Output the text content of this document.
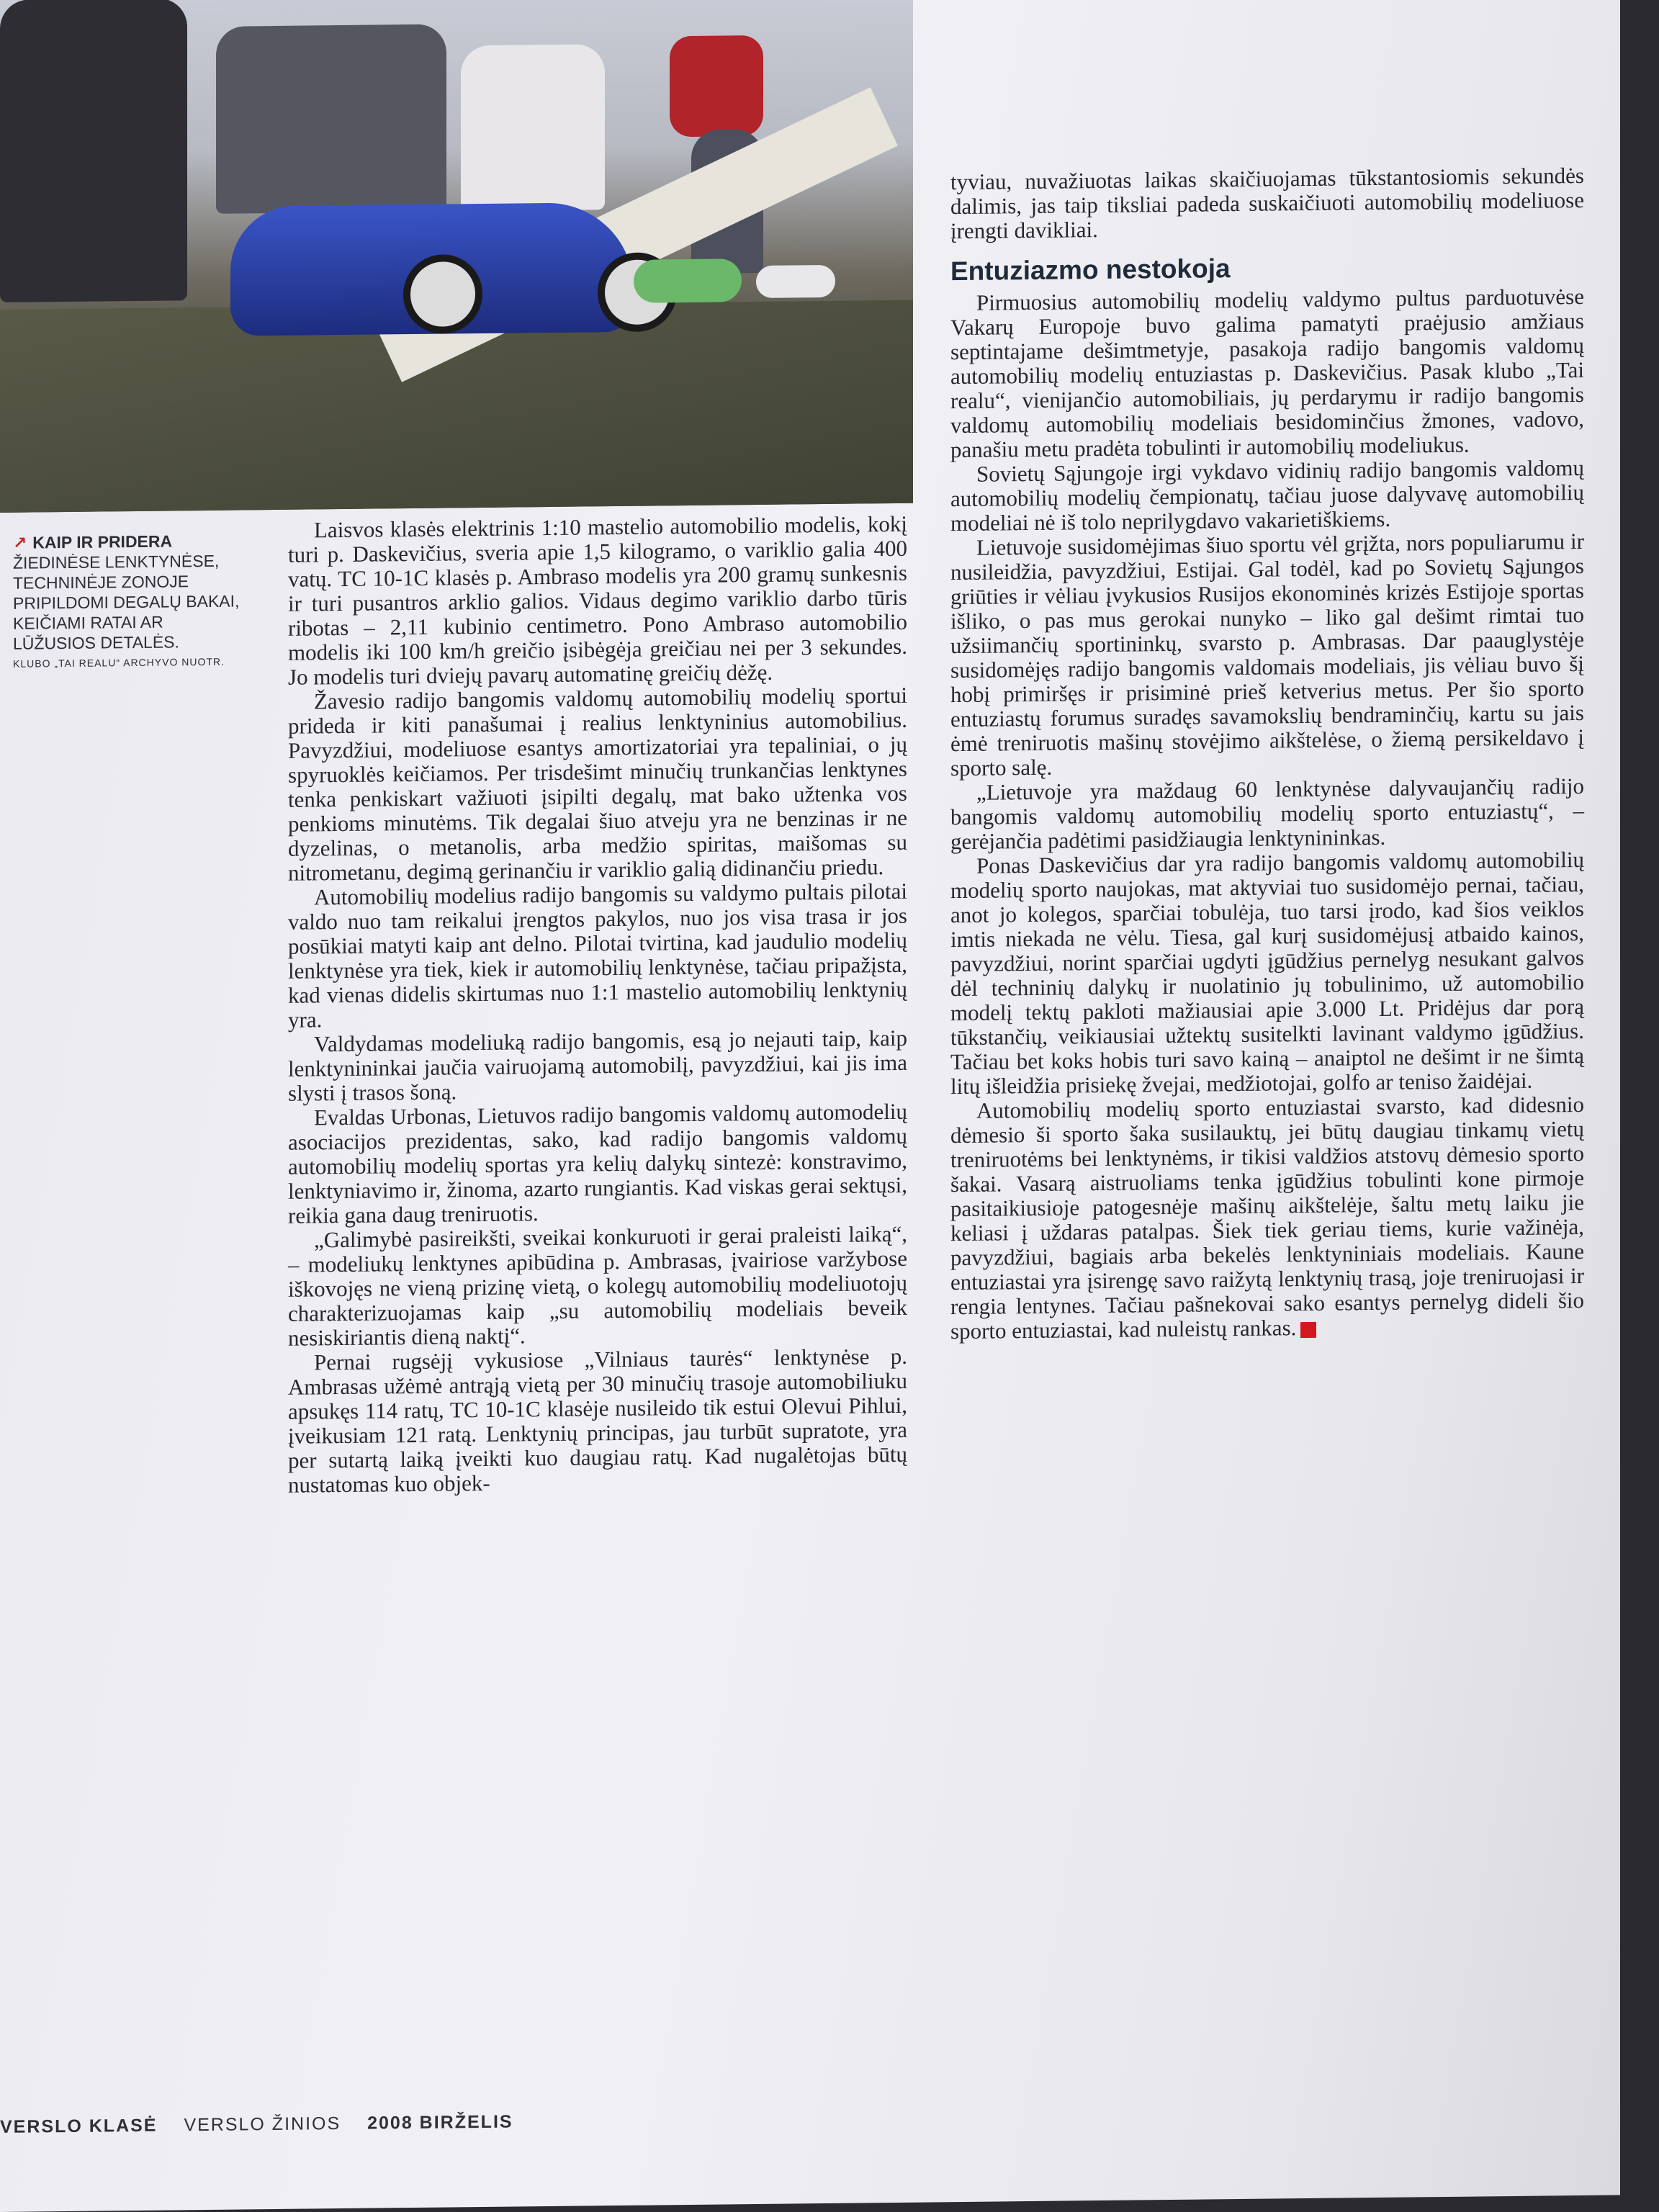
↗ KAIP IR PRIDERA
ŽIEDINĖSE LENKTYNĖSE, TECHNINĖJE ZONOJE PRIPILDOMI DEGALŲ BAKAI, KEIČIAMI RATAI AR LŪŽUSIOS DETALĖS.
KLUBO „TAI REALU“ ARCHYVO NUOTR.

Laisvos klasės elektrinis 1:10 mastelio automobilio modelis, kokį turi p. Daskevičius, sveria apie 1,5 kilogramo, o variklio galia 400 vatų. TC 10-1C klasės p. Ambraso modelis yra 200 gramų sunkesnis ir turi pusantros arklio galios. Vidaus degimo variklio darbo tūris ribotas – 2,11 kubinio centimetro. Pono Ambraso automobilio modelis iki 100 km/h greičio įsibėgėja greičiau nei per 3 sekundes. Jo modelis turi dviejų pavarų automatinę greičių dėžę.

Žavesio radijo bangomis valdomų automobilių modelių sportui prideda ir kiti panašumai į realius lenktyninius automobilius. Pavyzdžiui, modeliuose esantys amortizatoriai yra tepaliniai, o jų spyruoklės keičiamos. Per trisdešimt minučių trunkančias lenktynes tenka penkiskart važiuoti įsipilti degalų, mat bako užtenka vos penkioms minutėms. Tik degalai šiuo atveju yra ne benzinas ir ne dyzelinas, o metanolis, arba medžio spiritas, maišomas su nitrometanu, degimą gerinančiu ir variklio galią didinančiu priedu.

Automobilių modelius radijo bangomis su valdymo pultais pilotai valdo nuo tam reikalui įrengtos pakylos, nuo jos visa trasa ir jos posūkiai matyti kaip ant delno. Pilotai tvirtina, kad jaudulio modelių lenktynėse yra tiek, kiek ir automobilių lenktynėse, tačiau pripažįsta, kad vienas didelis skirtumas nuo 1:1 mastelio automobilių lenktynių yra.

Valdydamas modeliuką radijo bangomis, esą jo nejauti taip, kaip lenktynininkai jaučia vairuojamą automobilį, pavyzdžiui, kai jis ima slysti į trasos šoną.

Evaldas Urbonas, Lietuvos radijo bangomis valdomų automodelių asociacijos prezidentas, sako, kad radijo bangomis valdomų automobilių modelių sportas yra kelių dalykų sintezė: konstravimo, lenktyniavimo ir, žinoma, azarto rungiantis. Kad viskas gerai sektųsi, reikia gana daug treniruotis.

„Galimybė pasireikšti, sveikai konkuruoti ir gerai praleisti laiką“, – modeliukų lenktynes apibūdina p. Ambrasas, įvairiose varžybose iškovojęs ne vieną prizinę vietą, o kolegų automobilių modeliuotojų charakterizuojamas kaip „su automobilių modeliais beveik nesiskiriantis dieną naktį“.

Pernai rugsėjį vykusiose „Vilniaus taurės“ lenktynėse p. Ambrasas užėmė antrąją vietą per 30 minučių trasoje automobiliuku apsukęs 114 ratų, TC 10-1C klasėje nusileido tik estui Olevui Pihlui, įveikusiam 121 ratą. Lenktynių principas, jau turbūt supratote, yra per sutartą laiką įveikti kuo daugiau ratų. Kad nugalėtojas būtų nustatomas kuo objek-

tyviau, nuvažiuotas laikas skaičiuojamas tūkstantosiomis sekundės dalimis, jas taip tiksliai padeda suskaičiuoti automobilių modeliuose įrengti davikliai.

Entuziazmo nestokoja

Pirmuosius automobilių modelių valdymo pultus parduotuvėse Vakarų Europoje buvo galima pamatyti praėjusio amžiaus septintajame dešimtmetyje, pasakoja radijo bangomis valdomų automobilių modelių entuziastas p. Daskevičius. Pasak klubo „Tai realu“, vienijančio automobiliais, jų perdarymu ir radijo bangomis valdomų automobilių modeliais besidominčius žmones, vadovo, panašiu metu pradėta tobulinti ir automobilių modeliukus.

Sovietų Sąjungoje irgi vykdavo vidinių radijo bangomis valdomų automobilių modelių čempionatų, tačiau juose dalyvavę automobilių modeliai nė iš tolo neprilygdavo vakarietiškiems.

Lietuvoje susidomėjimas šiuo sportu vėl grįžta, nors populiarumu ir nusileidžia, pavyzdžiui, Estijai. Gal todėl, kad po Sovietų Sąjungos griūties ir vėliau įvykusios Rusijos ekonominės krizės Estijoje sportas išliko, o pas mus gerokai nunyko – liko gal dešimt rimtai tuo užsiimančių sportininkų, svarsto p. Ambrasas. Dar paauglystėje susidomėjęs radijo bangomis valdomais modeliais, jis vėliau buvo šį hobį primiršęs ir prisiminė prieš ketverius metus. Per šio sporto entuziastų forumus suradęs savamokslių bendraminčių, kartu su jais ėmė treniruotis mašinų stovėjimo aikštelėse, o žiemą persikeldavo į sporto salę.

„Lietuvoje yra maždaug 60 lenktynėse dalyvaujančių radijo bangomis valdomų automobilių modelių sporto entuziastų“, – gerėjančia padėtimi pasidžiaugia lenktynininkas.

Ponas Daskevičius dar yra radijo bangomis valdomų automobilių modelių sporto naujokas, mat aktyviai tuo susidomėjo pernai, tačiau, anot jo kolegos, sparčiai tobulėja, tuo tarsi įrodo, kad šios veiklos imtis niekada ne vėlu. Tiesa, gal kurį susidomėjusį atbaido kainos, pavyzdžiui, norint sparčiai ugdyti įgūdžius pernelyg nesukant galvos dėl techninių dalykų ir nuolatinio jų tobulinimo, už automobilio modelį tektų pakloti mažiausiai apie 3.000 Lt. Pridėjus dar porą tūkstančių, veikiausiai užtektų susitelkti lavinant valdymo įgūdžius. Tačiau bet koks hobis turi savo kainą – anaiptol ne dešimt ir ne šimtą litų išleidžia prisiekę žvejai, medžiotojai, golfo ar teniso žaidėjai.

Automobilių modelių sporto entuziastai svarsto, kad didesnio dėmesio ši sporto šaka susilauktų, jei būtų daugiau tinkamų vietų treniruotėms bei lenktynėms, ir tikisi valdžios atstovų dėmesio sporto šakai. Vasarą aistruoliams tenka įgūdžius tobulinti kone pirmoje pasitaikiusioje patogesnėje mašinų aikštelėje, šaltu metų laiku jie keliasi į uždaras patalpas. Šiek tiek geriau tiems, kurie važinėja, pavyzdžiui, bagiais arba bekelės lenktyniniais modeliais. Kaune entuziastai yra įsirengę savo raižytą lenktynių trasą, joje treniruojasi ir rengia lentynes. Tačiau pašnekovai sako esantys pernelyg dideli šio sporto entuziastai, kad nuleistų rankas.

VERSLO KLASĖ VERSLO ŽINIOS 2008 BIRŽELIS
